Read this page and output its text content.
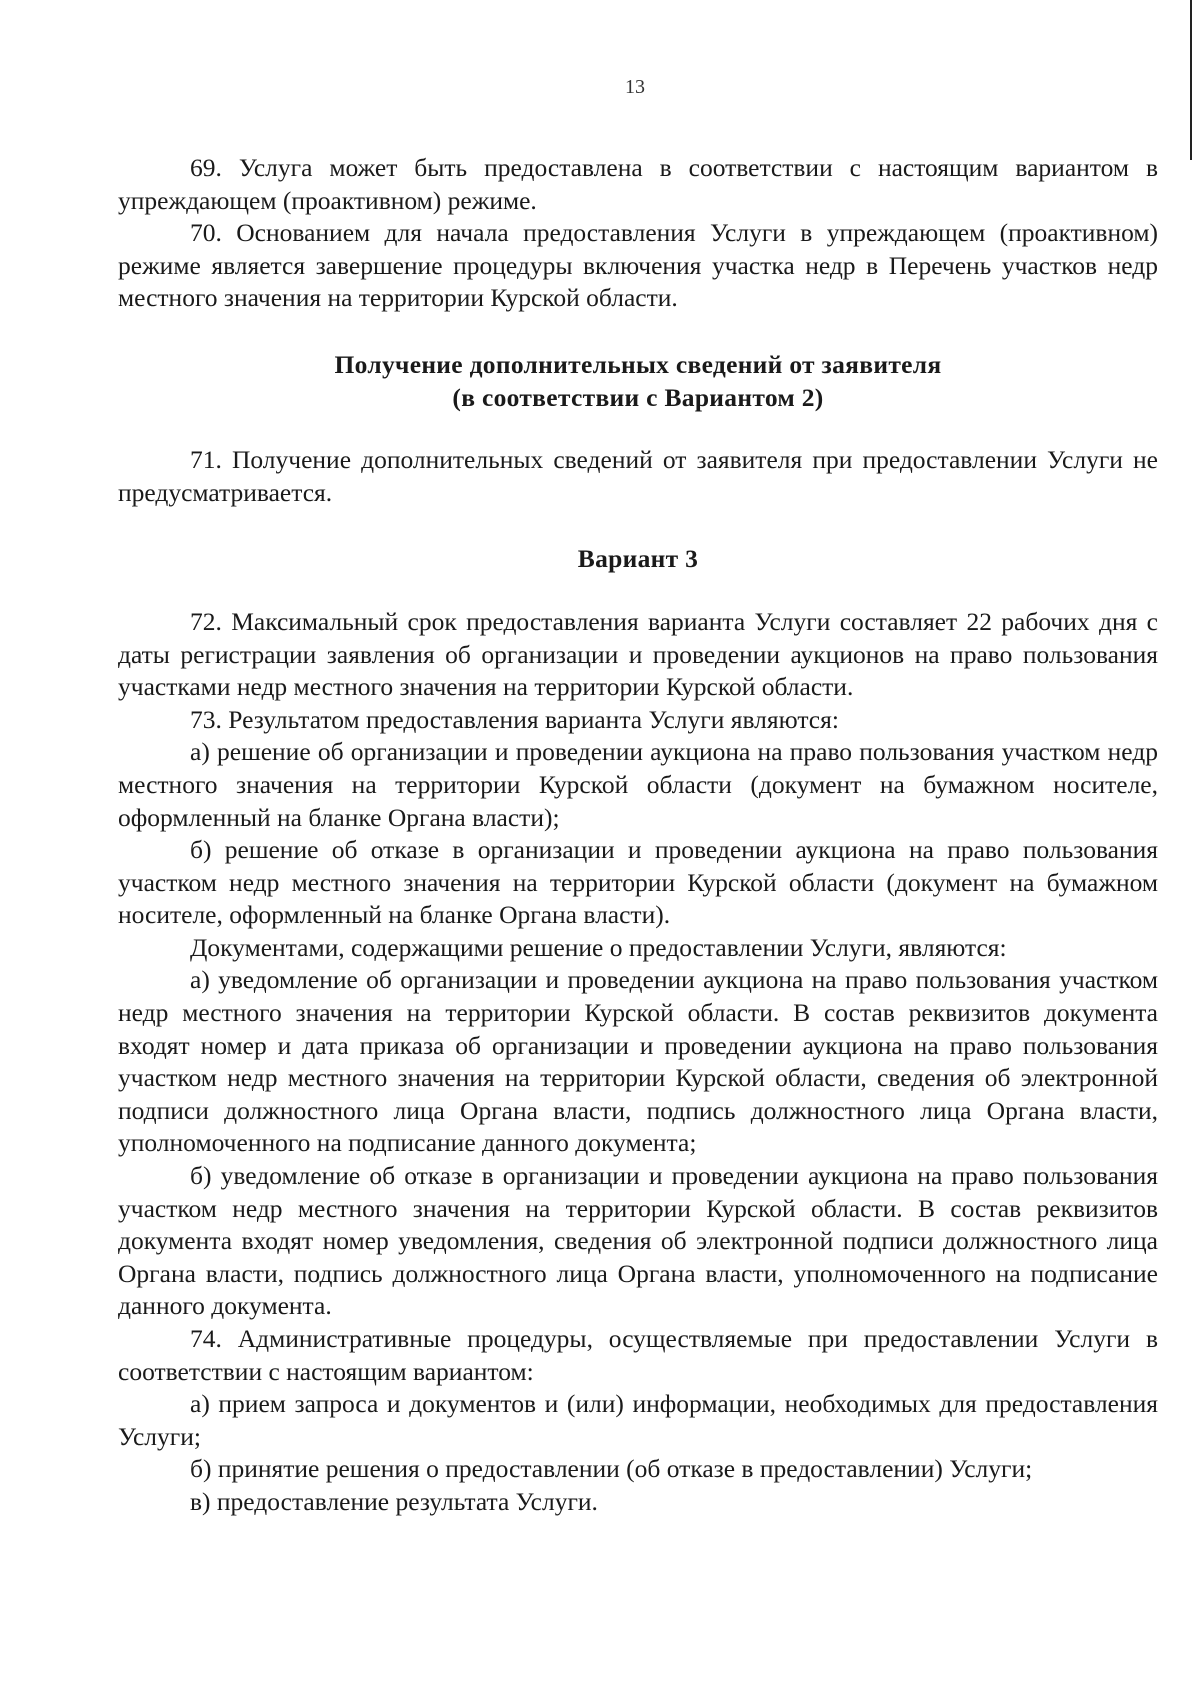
13

69. Услуга может быть предоставлена в соответствии с настоящим вариантом в упреждающем (проактивном) режиме.

70. Основанием для начала предоставления Услуги в упреждающем (проактивном) режиме является завершение процедуры включения участка недр в Перечень участков недр местного значения на территории Курской области.

Получение дополнительных сведений от заявителя
(в соответствии с Вариантом 2)

71. Получение дополнительных сведений от заявителя при предоставлении Услуги не предусматривается.

Вариант 3

72. Максимальный срок предоставления варианта Услуги составляет 22 рабочих дня с даты регистрации заявления об организации и проведении аукционов на право пользования участками недр местного значения на территории Курской области.

73. Результатом предоставления варианта Услуги являются:

а) решение об организации и проведении аукциона на право пользования участком недр местного значения на территории Курской области (документ на бумажном носителе, оформленный на бланке Органа власти);

б) решение об отказе в организации и проведении аукциона на право пользования участком недр местного значения на территории Курской области (документ на бумажном носителе, оформленный на бланке Органа власти).

Документами, содержащими решение о предоставлении Услуги, являются:

а) уведомление об организации и проведении аукциона на право пользования участком недр местного значения на территории Курской области. В состав реквизитов документа входят номер и дата приказа об организации и проведении аукциона на право пользования участком недр местного значения на территории Курской области, сведения об электронной подписи должностного лица Органа власти, подпись должностного лица Органа власти, уполномоченного на подписание данного документа;

б) уведомление об отказе в организации и проведении аукциона на право пользования участком недр местного значения на территории Курской области. В состав реквизитов документа входят номер уведомления, сведения об электронной подписи должностного лица Органа власти, подпись должностного лица Органа власти, уполномоченного на подписание данного документа.

74. Административные процедуры, осуществляемые при предоставлении Услуги в соответствии с настоящим вариантом:

а) прием запроса и документов и (или) информации, необходимых для предоставления Услуги;

б) принятие решения о предоставлении (об отказе в предоставлении) Услуги;

в) предоставление результата Услуги.
